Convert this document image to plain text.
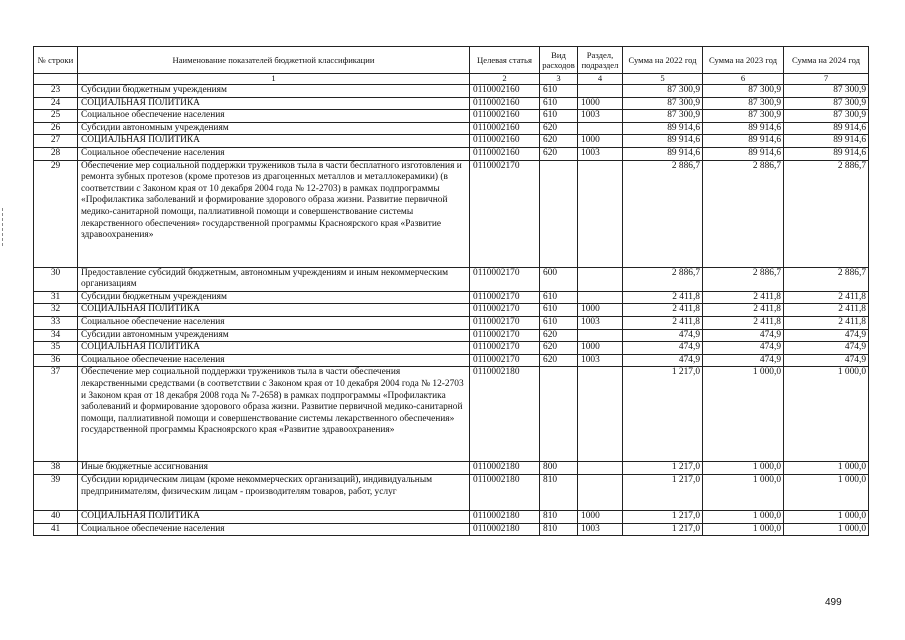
№ строки	Наименование показателей бюджетной классификации	Целевая статья	Вид расходов	Раздел, подраздел	Сумма на 2022 год	Сумма на 2023 год	Сумма на 2024 год
	1	2	3	4	5	6	7
23	Субсидии бюджетным учреждениям	0110002160	610		87 300,9	87 300,9	87 300,9
24	СОЦИАЛЬНАЯ ПОЛИТИКА	0110002160	610	1000	87 300,9	87 300,9	87 300,9
25	Социальное обеспечение населения	0110002160	610	1003	87 300,9	87 300,9	87 300,9
26	Субсидии автономным учреждениям	0110002160	620		89 914,6	89 914,6	89 914,6
27	СОЦИАЛЬНАЯ ПОЛИТИКА	0110002160	620	1000	89 914,6	89 914,6	89 914,6
28	Социальное обеспечение населения	0110002160	620	1003	89 914,6	89 914,6	89 914,6
29	Обеспечение мер социальной поддержки тружеников тыла в части бесплатного изготовления и ремонта зубных протезов (кроме протезов из драгоценных металлов и металлокерамики) (в соответствии с Законом края от 10 декабря 2004 года № 12-2703) в рамках подпрограммы «Профилактика заболеваний и формирование здорового образа жизни. Развитие первичной медико-санитарной помощи, паллиативной помощи и совершенствование системы лекарственного обеспечения» государственной программы Красноярского края «Развитие здравоохранения»	0110002170			2 886,7	2 886,7	2 886,7
30	Предоставление субсидий бюджетным, автономным учреждениям и иным некоммерческим организациям	0110002170	600		2 886,7	2 886,7	2 886,7
31	Субсидии бюджетным учреждениям	0110002170	610		2 411,8	2 411,8	2 411,8
32	СОЦИАЛЬНАЯ ПОЛИТИКА	0110002170	610	1000	2 411,8	2 411,8	2 411,8
33	Социальное обеспечение населения	0110002170	610	1003	2 411,8	2 411,8	2 411,8
34	Субсидии автономным учреждениям	0110002170	620		474,9	474,9	474,9
35	СОЦИАЛЬНАЯ ПОЛИТИКА	0110002170	620	1000	474,9	474,9	474,9
36	Социальное обеспечение населения	0110002170	620	1003	474,9	474,9	474,9
37	Обеспечение мер социальной поддержки тружеников тыла в части обеспечения лекарственными средствами (в соответствии с Законом края от 10 декабря 2004 года № 12-2703 и Законом края от 18 декабря 2008 года № 7-2658) в рамках подпрограммы «Профилактика заболеваний и формирование здорового образа жизни. Развитие первичной медико-санитарной помощи, паллиативной помощи и совершенствование системы лекарственного обеспечения» государственной программы Красноярского края «Развитие здравоохранения»	0110002180			1 217,0	1 000,0	1 000,0
38	Иные бюджетные ассигнования	0110002180	800		1 217,0	1 000,0	1 000,0
39	Субсидии юридическим лицам (кроме некоммерческих организаций), индивидуальным предпринимателям, физическим лицам - производителям товаров, работ, услуг	0110002180	810		1 217,0	1 000,0	1 000,0
40	СОЦИАЛЬНАЯ ПОЛИТИКА	0110002180	810	1000	1 217,0	1 000,0	1 000,0
41	Социальное обеспечение населения	0110002180	810	1003	1 217,0	1 000,0	1 000,0
499
